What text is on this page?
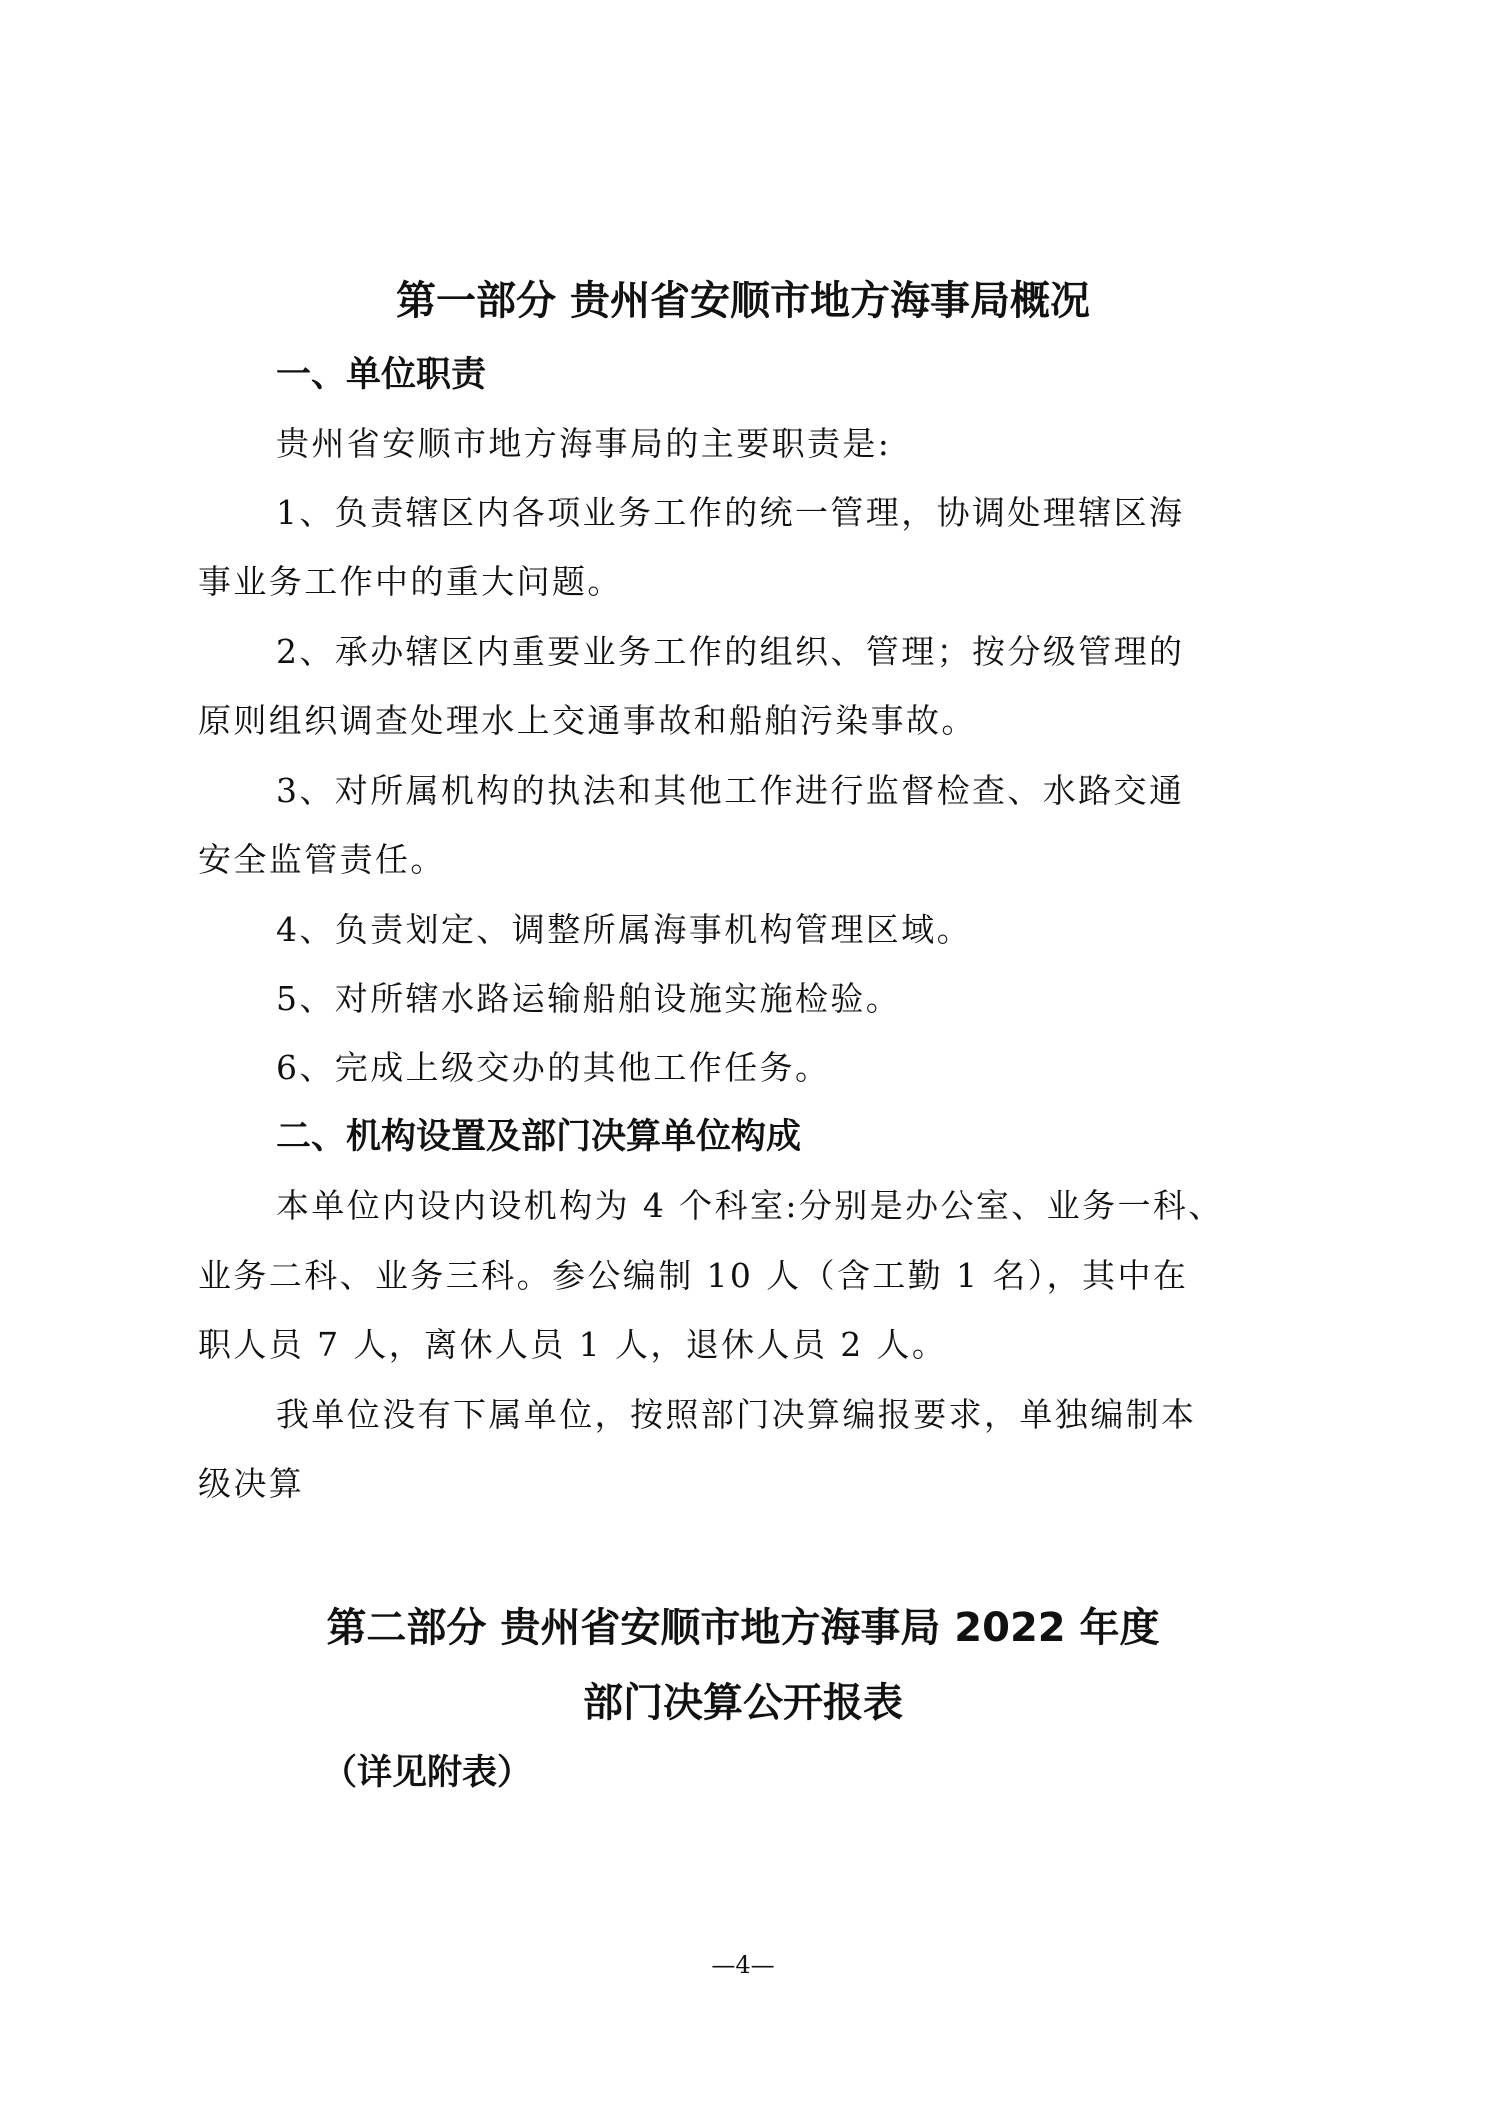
第一部分 贵州省安顺市地方海事局概况
一、单位职责
贵州省安顺市地方海事局的主要职责是:
1、负责辖区内各项业务工作的统一管理，协调处理辖区海
事业务工作中的重大问题。
2、承办辖区内重要业务工作的组织、管理；按分级管理的
原则组织调查处理水上交通事故和船舶污染事故。
3、对所属机构的执法和其他工作进行监督检查、水路交通
安全监管责任。
4、负责划定、调整所属海事机构管理区域。
5、对所辖水路运输船舶设施实施检验。
6、完成上级交办的其他工作任务。
二、机构设置及部门决算单位构成
本单位内设内设机构为 4 个科室:分别是办公室、业务一科、
业务二科、业务三科。参公编制 10 人（含工勤 1 名），其中在
职人员 7 人，离休人员 1 人，退休人员 2 人。
我单位没有下属单位，按照部门决算编报要求，单独编制本
级决算
第二部分 贵州省安顺市地方海事局 2022 年度
部门决算公开报表
（详见附表）
—4—
